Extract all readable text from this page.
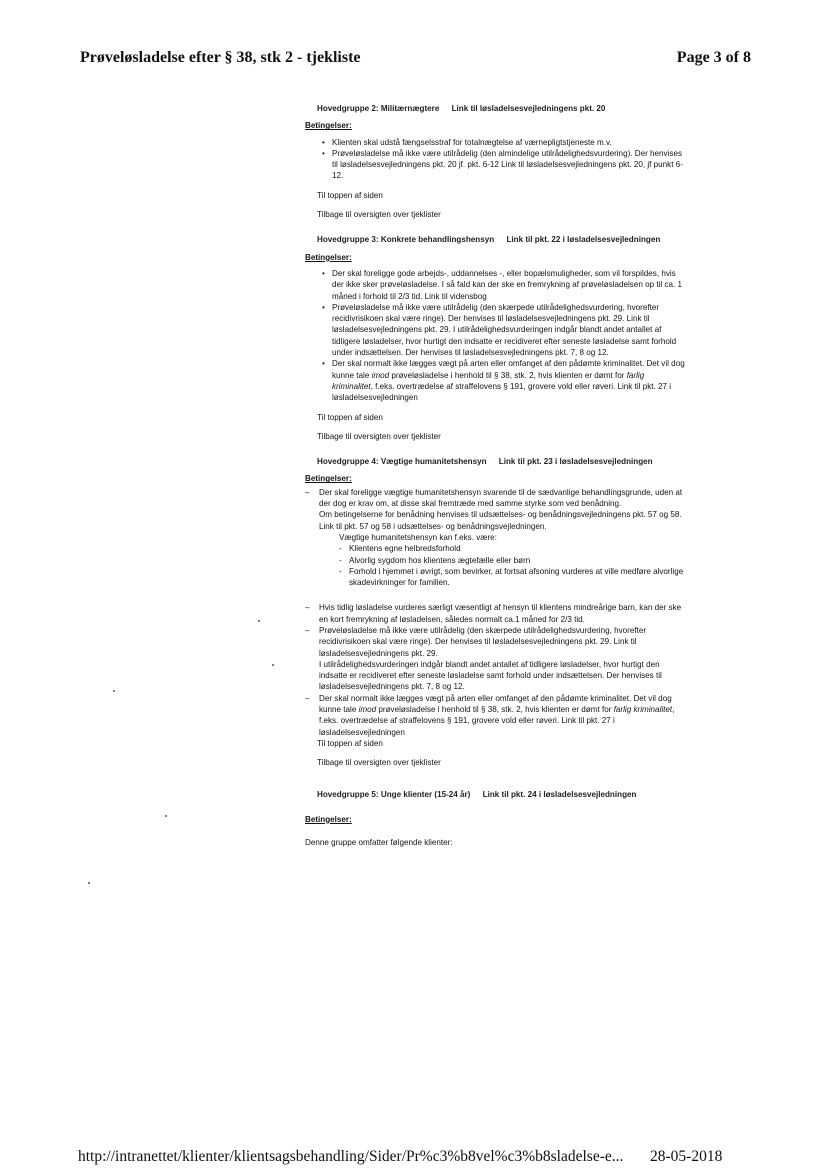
Prøveløsladelse efter § 38, stk 2 - tjekliste	Page 3 of 8
Hovedgruppe 2: Militærnægtere Link til løsladelsesvejledningens pkt. 20
Betingelser:
• Klienten skal udstå fængselsstraf for totalnægtelse af værnepligtstjeneste m.v.
• Prøveløsladelse må ikke være utilrådelig (den almindelige utilrådelighedsvurdering). Der henvises til løsladelsesvejledningens pkt. 20 jf. pkt. 6-12 Link til løsladelsesvejledningens pkt. 20, jf punkt 6-12.
Til toppen af siden
Tilbage til oversigten over tjeklister
Hovedgruppe 3: Konkrete behandlingshensyn Link til pkt. 22 i løsladelsesvejledningen
Betingelser:
• Der skal foreligge gode arbejds-, uddannelses -, eller bopælsmuligheder, som vil forspildes, hvis der ikke sker prøveløsladelse. I så fald kan der ske en fremrykning af prøveløsladelsen op til ca. 1 måned i forhold til 2/3 tid. Link til vidensbog
• Prøveløsladelse må ikke være utilrådelig (den skærpede utilrådelighedsvurdering, hvorefter recidivrisikoen skal være ringe). Der henvises til løsladelsesvejledningens pkt. 29. Link til løsladelsesvejledningens pkt. 29. I utilrådelighedsvurderingen indgår blandt andet antallet af tidligere løsladelser, hvor hurtigt den indsatte er recidiveret efter seneste løsladelse samt forhold under indsættelsen. Der henvises til løsladelsesvejledningens pkt. 7, 8 og 12.
• Der skal normalt ikke lægges vægt på arten eller omfanget af den pådømte kriminalitet. Det vil dog kunne tale imod prøveløsladelse i henhold til § 38, stk. 2, hvis klienten er dømt for farlig kriminalitet, f.eks. overtrædelse af straffelovens § 191, grovere vold eller røveri. Link til pkt. 27 i løsladelsesvejledningen
Til toppen af siden
Tilbage til oversigten over tjeklister
Hovedgruppe 4: Vægtige humanitetshensyn Link til pkt. 23 i løsladelsesvejledningen
Betingelser:

– Der skal foreligge vægtige humanitetshensyn svarende til de sædvanlige behandlingsgrunde, uden at der dog er krav om, at disse skal fremtræde med samme styrke som ved benådning.

Om betingelserne for benådning henvises til udsættelses- og benådningsvejledningens pkt. 57 og 58. Link til pkt. 57 og 58 i udsættelses- og benådningsvejledningen.

Vægtige humanitetshensyn kan f.eks. være:

- Klientens egne helbredsforhold
- Alvorlig sygdom hos klientens ægtefælle eller børn
- Forhold i hjemmet i øvrigt, som bevirker, at fortsat afsoning vurderes at ville medføre alvorlige skadevirkninger for familien.
– Hvis tidlig løsladelse vurderes særligt væsentligt af hensyn til klientens mindreårige barn, kan der ske en kort fremrykning af løsladelsen, således normalt ca.1 måned for 2/3 tid.

– Prøveløsladelse må ikke være utilrådelig (den skærpede utilrådelighedsvurdering, hvorefter recidivrisikoen skal være ringe). Der henvises til løsladelsesvejledningens pkt. 29. Link til løsladelsesvejledningens pkt. 29.

I utilrådelighedsvurderingen indgår blandt andet antallet af tidligere løsladelser, hvor hurtigt den indsatte er recidiveret efter seneste løsladelse samt forhold under indsættelsen. Der henvises til løsladelsesvejledningens pkt. 7, 8 og 12.

– Der skal normalt ikke lægges vægt på arten eller omfanget af den pådømte kriminalitet. Det vil dog kunne tale imod prøveløsladelse i henhold til § 38, stk. 2, hvis klienten er dømt for farlig kriminalitet, f.eks. overtrædelse af straffelovens § 191, grovere vold eller røveri. Link til pkt. 27 i løsladelsesvejledningen
Til toppen af siden
Tilbage til oversigten over tjeklister
Hovedgruppe 5: Unge klienter (15-24 år) Link til pkt. 24 i løsladelsesvejledningen
Betingelser:
Denne gruppe omfatter følgende klienter:
http://intranettet/klienter/klientsagsbehandling/Sider/Pr%c3%b8vel%c3%b8sladelse-e... 28-05-2018
